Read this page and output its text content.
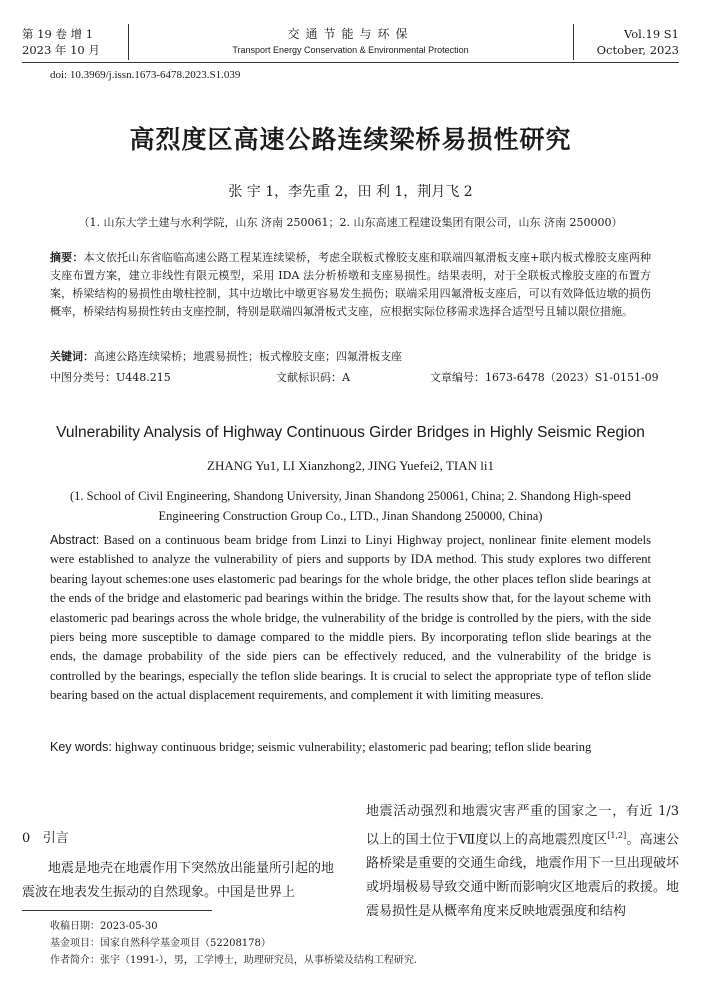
第 19 卷 增 1
2023 年 10 月
交通节能与环保
Transport Energy Conservation & Environmental Protection
Vol.19 S1
October, 2023
doi: 10.3969/j.issn.1673-6478.2023.S1.039
高烈度区高速公路连续梁桥易损性研究
张 宇 1，李先重 2，田 利 1，荆月飞 2
（1. 山东大学土建与水利学院，山东 济南 250061；2. 山东高速工程建设集团有限公司，山东 济南 250000）
摘要：本文依托山东省临临高速公路工程某连续梁桥，考虑全联板式橡胶支座和联端四氟滑板支座+联内板式橡胶支座两种支座布置方案，建立非线性有限元模型，采用 IDA 法分析桥墩和支座易损性。结果表明，对于全联板式橡胶支座的布置方案，桥梁结构的易损性由墩柱控制，其中边墩比中墩更容易发生损伤；联端采用四氟滑板支座后，可以有效降低边墩的损伤概率，桥梁结构易损性转由支座控制，特别是联端四氟滑板式支座，应根据实际位移需求选择合适型号且辅以限位措施。
关键词：高速公路连续梁桥；地震易损性；板式橡胶支座；四氟滑板支座
中图分类号：U448.215	文献标识码：A	文章编号：1673-6478（2023）S1-0151-09
Vulnerability Analysis of Highway Continuous Girder Bridges in Highly Seismic Region
ZHANG Yu1, LI Xianzhong2, JING Yuefei2, TIAN li1
(1. School of Civil Engineering, Shandong University, Jinan Shandong 250061, China; 2. Shandong High-speed Engineering Construction Group Co., LTD., Jinan Shandong 250000, China)
Abstract: Based on a continuous beam bridge from Linzi to Linyi Highway project, nonlinear finite element models were established to analyze the vulnerability of piers and supports by IDA method. This study explores two different bearing layout schemes:one uses elastomeric pad bearings for the whole bridge, the other places teflon slide bearings at the ends of the bridge and elastomeric pad bearings within the bridge. The results show that, for the layout scheme with elastomeric pad bearings across the whole bridge, the vulnerability of the bridge is controlled by the piers, with the side piers being more susceptible to damage compared to the middle piers. By incorporating teflon slide bearings at the ends, the damage probability of the side piers can be effectively reduced, and the vulnerability of the bridge is controlled by the bearings, especially the teflon slide bearings. It is crucial to select the appropriate type of teflon slide bearing based on the actual displacement requirements, and complement it with limiting measures.
Key words: highway continuous bridge; seismic vulnerability; elastomeric pad bearing; teflon slide bearing
0 引言
地震是地壳在地震作用下突然放出能量所引起的地震波在地表发生振动的自然现象。中国是世界上
地震活动强烈和地震灾害严重的国家之一，有近 1/3 以上的国土位于Ⅶ度以上的高地震烈度区[1,2]。高速公路桥梁是重要的交通生命线，地震作用下一旦出现破坏或坍塌极易导致交通中断而影响灾区地震后的救援。地震易损性是从概率角度来反映地震强度和结构
收稿日期：2023-05-30
基金项目：国家自然科学基金项目（52208178）
作者简介：张宇（1991-），男，工学博士，助理研究员，从事桥梁及结构工程研究.
